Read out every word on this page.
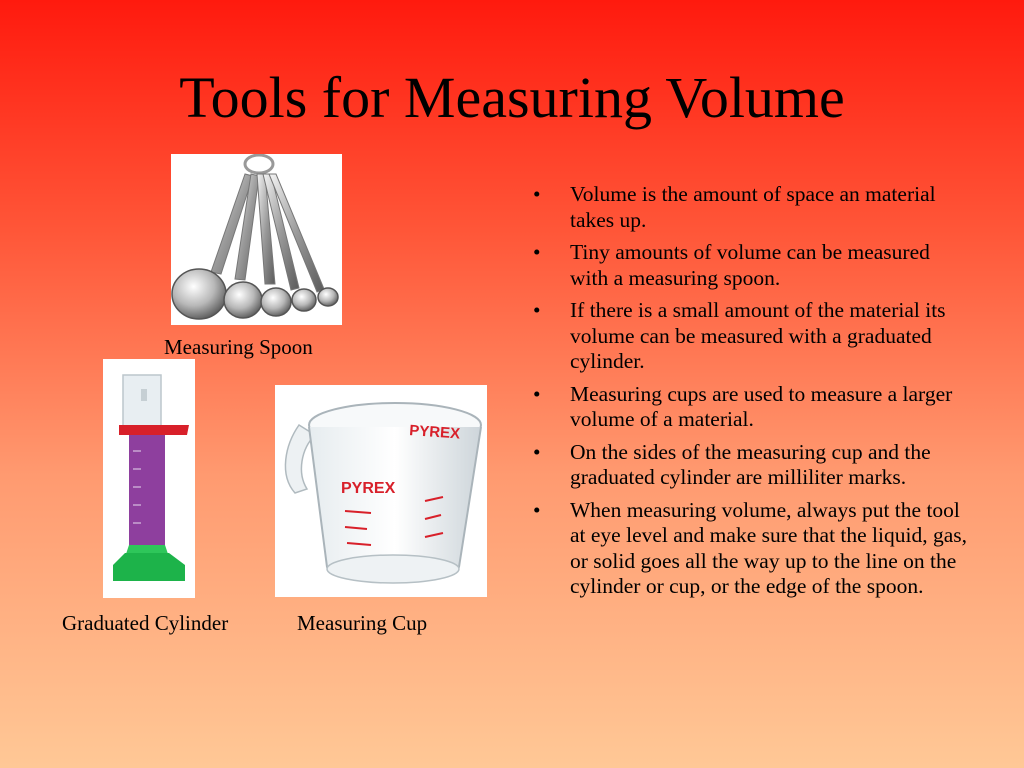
Tools for Measuring Volume
Measuring Spoon
Graduated Cylinder
PYREX
PYREX
Measuring Cup
• Volume is the amount of space an material takes up.
• Tiny amounts of volume can be measured with a measuring spoon.
• If there is a small amount of the material its volume can be measured with a graduated cylinder.
• Measuring cups are used to measure a larger volume of a material.
• On the sides of the measuring cup and the graduated cylinder are milliliter marks.
• When measuring volume, always put the tool at eye level and make sure that the liquid, gas, or solid goes all the way up to the line on the cylinder or cup, or the edge of the spoon.
